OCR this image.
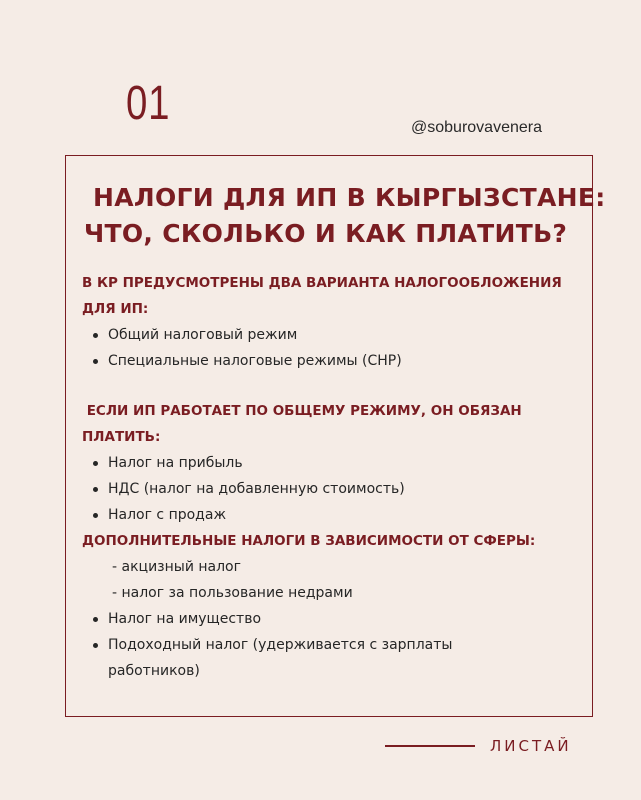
01	@soburovavenera
НАЛОГИ ДЛЯ ИП В КЫРГЫЗСТАНЕ:
ЧТО, СКОЛЬКО И КАК ПЛАТИТЬ?

В КР ПРЕДУСМОТРЕНЫ ДВА ВАРИАНТА НАЛОГООБЛОЖЕНИЯ
ДЛЯ ИП:

Общий налоговый режим
Специальные налоговые режимы (СНР)

ЕСЛИ ИП РАБОТАЕТ ПО ОБЩЕМУ РЕЖИМУ, ОН ОБЯЗАН
ПЛАТИТЬ:

Налог на прибыль
НДС (налог на добавленную стоимость)
Налог с продаж

ДОПОЛНИТЕЛЬНЫЕ НАЛОГИ В ЗАВИСИМОСТИ ОТ СФЕРЫ:

- акцизный налог
- налог за пользование недрами
Налог на имущество
Подоходный налог (удерживается с зарплаты
работников)
ЛИСТАЙ
